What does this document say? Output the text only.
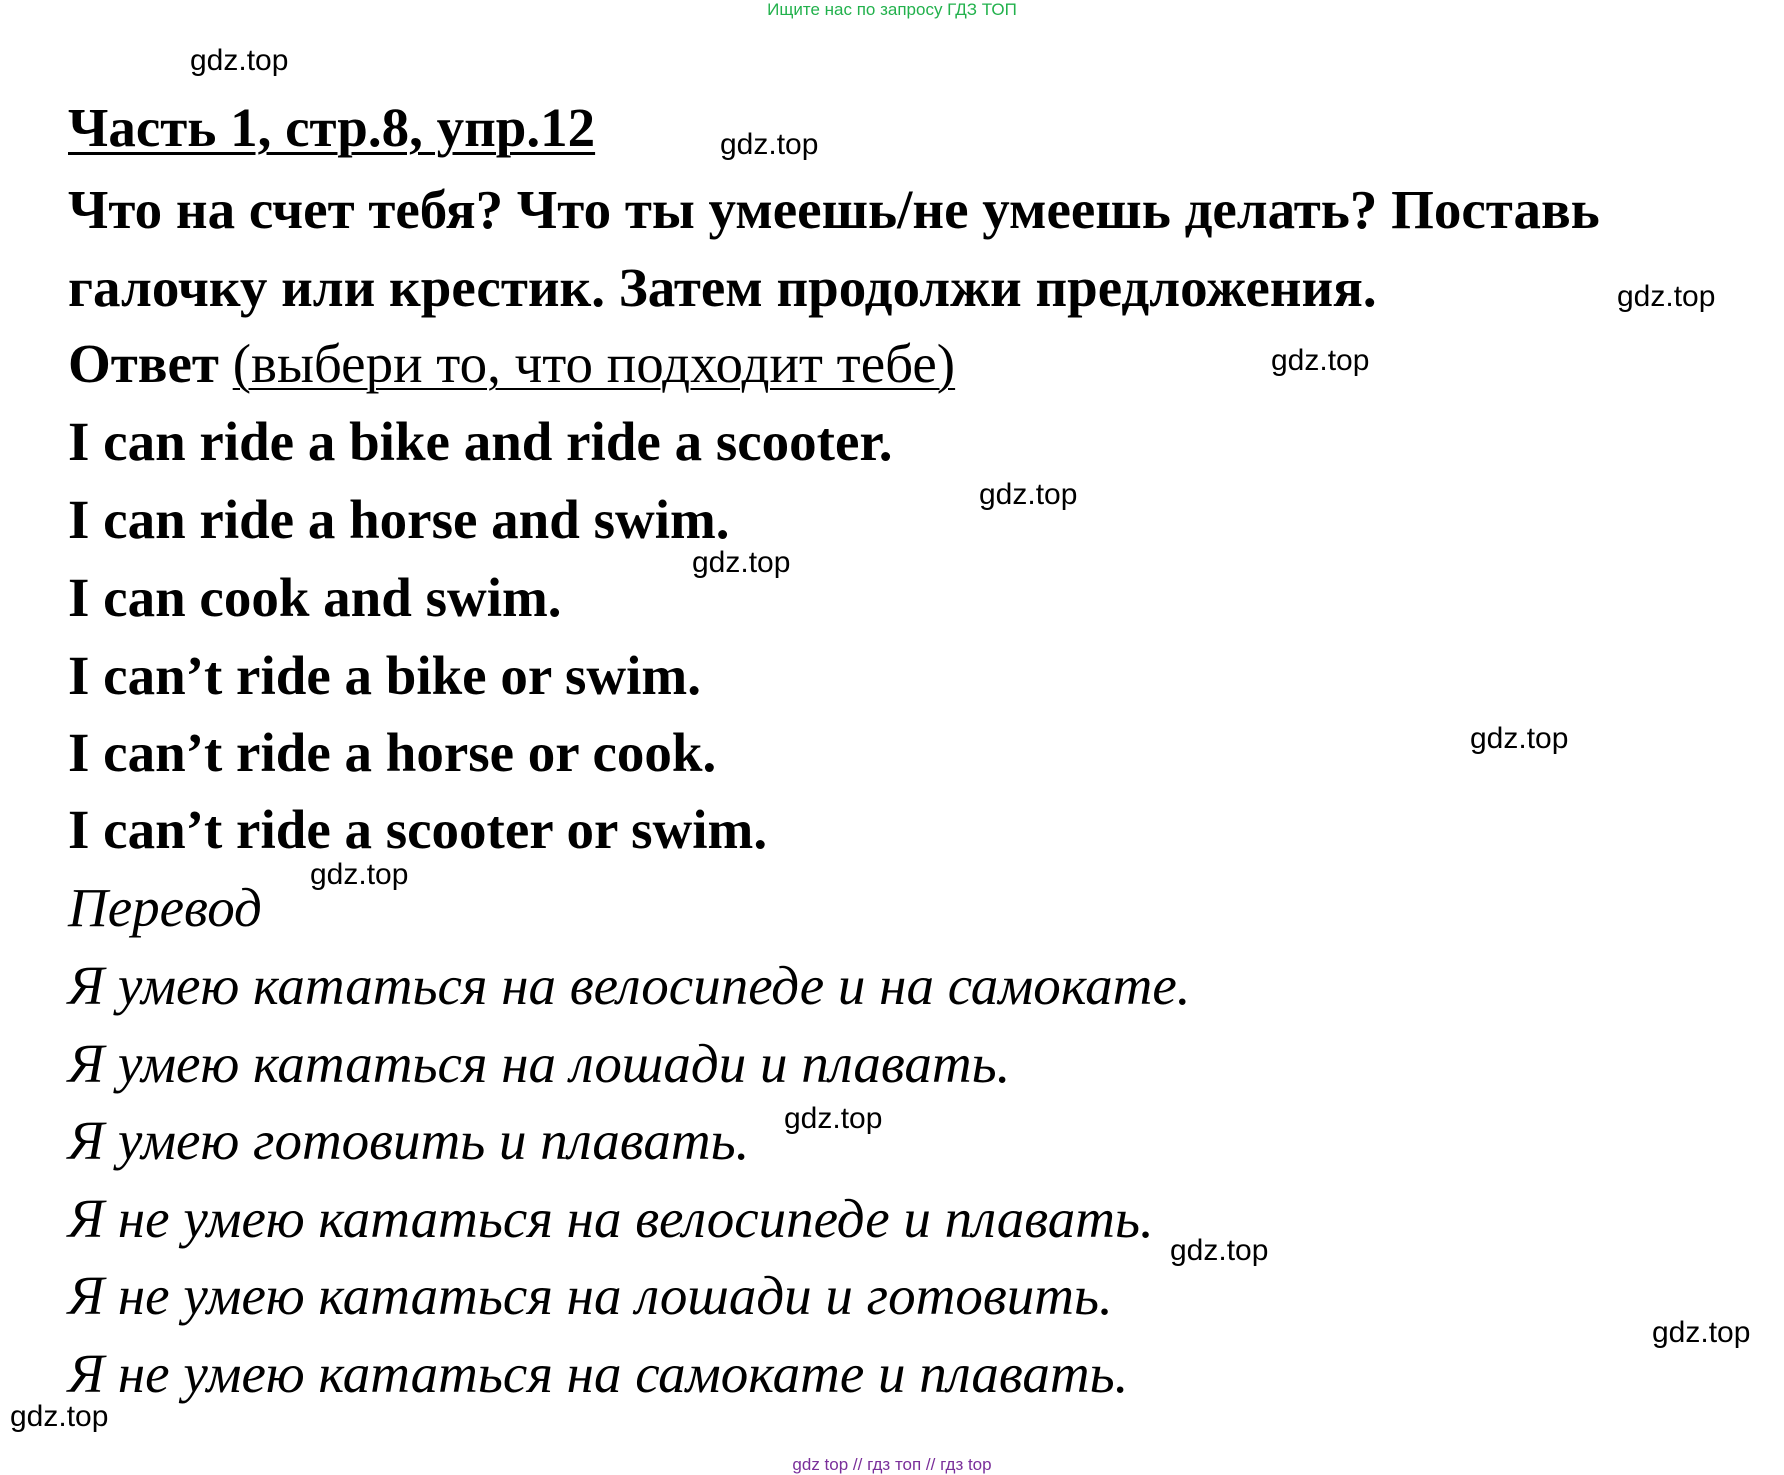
Ищите нас по запросу ГДЗ ТОП
Часть 1, стр.8, упр.12
Что на счет тебя? Что ты умеешь/не умеешь делать? Поставь
галочку или крестик. Затем продолжи предложения.
Ответ (выбери то, что подходит тебе)
I can ride a bike and ride a scooter.
I can ride a horse and swim.
I can cook and swim.
I can’t ride a bike or swim.
I can’t ride a horse or cook.
I can’t ride a scooter or swim.
Перевод
Я умею кататься на велосипеде и на самокате.
Я умею кататься на лошади и плавать.
Я умею готовить и плавать.
Я не умею кататься на велосипеде и плавать.
Я не умею кататься на лошади и готовить.
Я не умею кататься на самокате и плавать.
gdz.top
gdz.top
gdz.top
gdz.top
gdz.top
gdz.top
gdz.top
gdz.top
gdz.top
gdz.top
gdz.top
gdz.top
gdz top // гдз топ // гдз top
